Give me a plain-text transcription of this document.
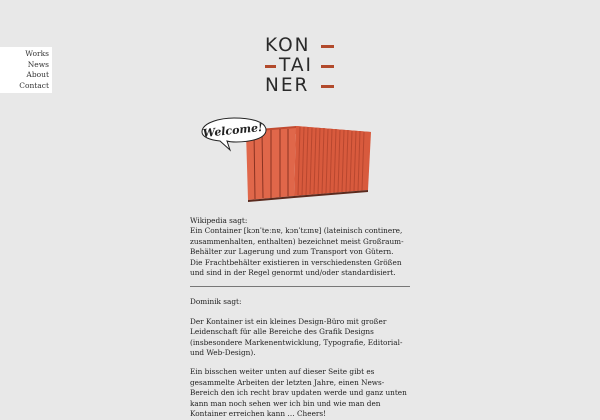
Works
News
About
Contact
KON
TAI
NER
Welcome!

Wikipedia sagt:

Ein Container [kɔnˈteːnɐ, kɔnˈtɛɪnɐ] (lateinisch continere, zusammenhalten, enthalten) bezeichnet meist Großraum-Behälter zur Lagerung und zum Transport von Gütern.

Die Frachtbehälter existieren in verschiedensten Größen und sind in der Regel genormt und/oder standardisiert.

Dominik sagt:

Der Kontainer ist ein kleines Design-Büro mit großer Leidenschaft für alle Bereiche des Grafik Designs (insbesondere Markenentwicklung, Typografie, Editorial- und Web-Design).

Ein bisschen weiter unten auf dieser Seite gibt es gesammelte Arbeiten der letzten Jahre, einen News-Bereich den ich recht brav updaten werde und ganz unten kann man noch sehen wer ich bin und wie man den Kontainer erreichen kann … Cheers!
